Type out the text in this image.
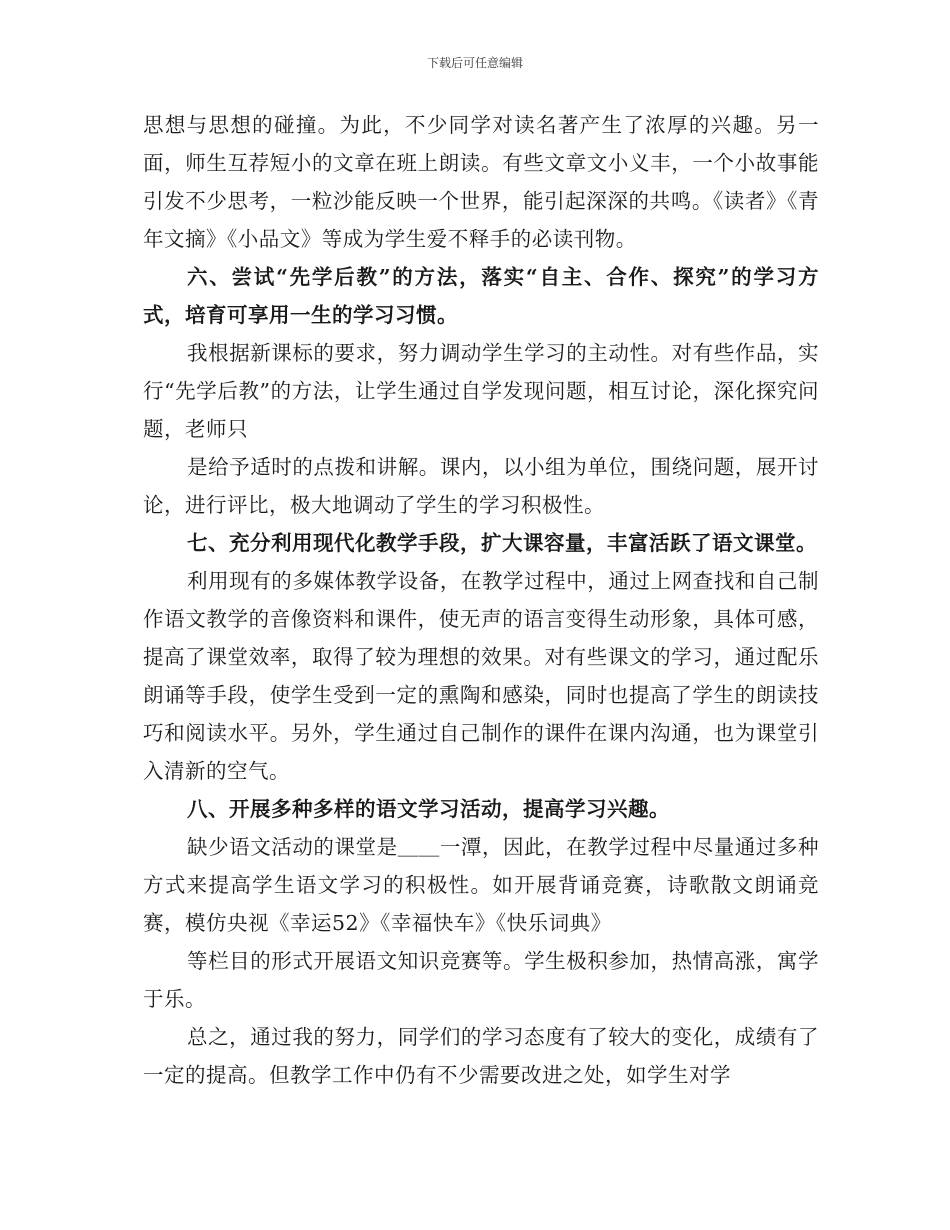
下载后可任意编辑

思想与思想的碰撞。为此，不少同学对读名著产生了浓厚的兴趣。另一面，师生互荐短小的文章在班上朗读。有些文章文小义丰，一个小故事能引发不少思考，一粒沙能反映一个世界，能引起深深的共鸣。《读者》《青年文摘》《小品文》等成为学生爱不释手的必读刊物。

六、尝试“先学后教”的方法，落实“自主、合作、探究”的学习方式，培育可享用一生的学习习惯。

我根据新课标的要求，努力调动学生学习的主动性。对有些作品，实行“先学后教”的方法，让学生通过自学发现问题，相互讨论，深化探究问题，老师只

是给予适时的点拨和讲解。课内，以小组为单位，围绕问题，展开讨论，进行评比，极大地调动了学生的学习积极性。

七、充分利用现代化教学手段，扩大课容量，丰富活跃了语文课堂。

利用现有的多媒体教学设备，在教学过程中，通过上网查找和自己制作语文教学的音像资料和课件，使无声的语言变得生动形象，具体可感，提高了课堂效率，取得了较为理想的效果。对有些课文的学习，通过配乐朗诵等手段，使学生受到一定的熏陶和感染，同时也提高了学生的朗读技巧和阅读水平。另外，学生通过自己制作的课件在课内沟通，也为课堂引入清新的空气。

八、开展多种多样的语文学习活动，提高学习兴趣。

缺少语文活动的课堂是＿＿一潭，因此，在教学过程中尽量通过多种方式来提高学生语文学习的积极性。如开展背诵竞赛，诗歌散文朗诵竞赛，模仿央视《幸运52》《幸福快车》《快乐词典》

等栏目的形式开展语文知识竞赛等。学生极积参加，热情高涨，寓学于乐。

总之，通过我的努力，同学们的学习态度有了较大的变化，成绩有了一定的提高。但教学工作中仍有不少需要改进之处，如学生对学
